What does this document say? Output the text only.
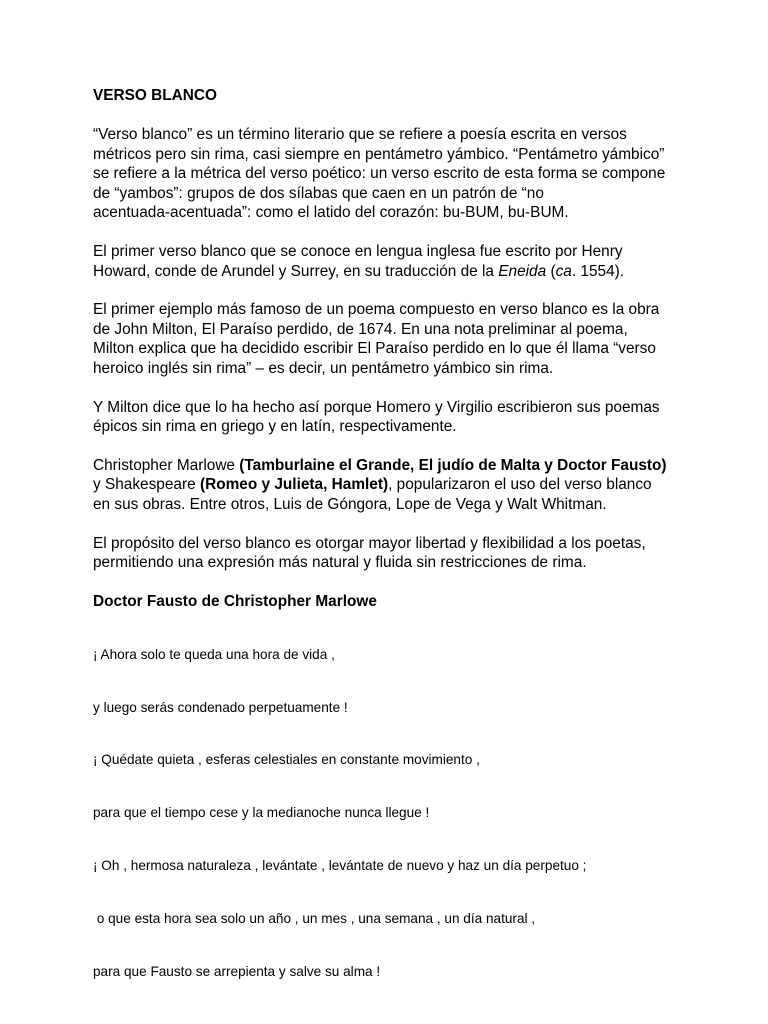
VERSO BLANCO
“Verso blanco” es un término literario que se refiere a poesía escrita en versos
métricos pero sin rima, casi siempre en pentámetro yámbico. “Pentámetro yámbico”
se refiere a la métrica del verso poético: un verso escrito de esta forma se compone
de “yambos”: grupos de dos sílabas que caen en un patrón de “no
acentuada-acentuada”: como el latido del corazón: bu-BUM, bu-BUM.
El primer verso blanco que se conoce en lengua inglesa fue escrito por Henry
Howard, conde de Arundel y Surrey, en su traducción de la Eneida (ca. 1554).
El primer ejemplo más famoso de un poema compuesto en verso blanco es la obra
de John Milton, El Paraíso perdido, de 1674. En una nota preliminar al poema,
Milton explica que ha decidido escribir El Paraíso perdido en lo que él llama “verso
heroico inglés sin rima” – es decir, un pentámetro yámbico sin rima.
Y Milton dice que lo ha hecho así porque Homero y Virgilio escribieron sus poemas
épicos sin rima en griego y en latín, respectivamente.
Christopher Marlowe (Tamburlaine el Grande, El judío de Malta y Doctor Fausto)
y Shakespeare (Romeo y Julieta, Hamlet), popularizaron el uso del verso blanco
en sus obras. Entre otros, Luis de Góngora, Lope de Vega y Walt Whitman.
El propósito del verso blanco es otorgar mayor libertad y flexibilidad a los poetas,
permitiendo una expresión más natural y fluida sin restricciones de rima.
Doctor Fausto de Christopher Marlowe

¡ Ahora solo te queda una hora de vida ,

y luego serás condenado perpetuamente !

¡ Quédate quieta , esferas celestiales en constante movimiento ,

para que el tiempo cese y la medianoche nunca llegue !

¡ Oh , hermosa naturaleza , levántate , levántate de nuevo y haz un día perpetuo ;

o que esta hora sea solo un año , un mes , una semana , un día natural ,

para que Fausto se arrepienta y salve su alma !
